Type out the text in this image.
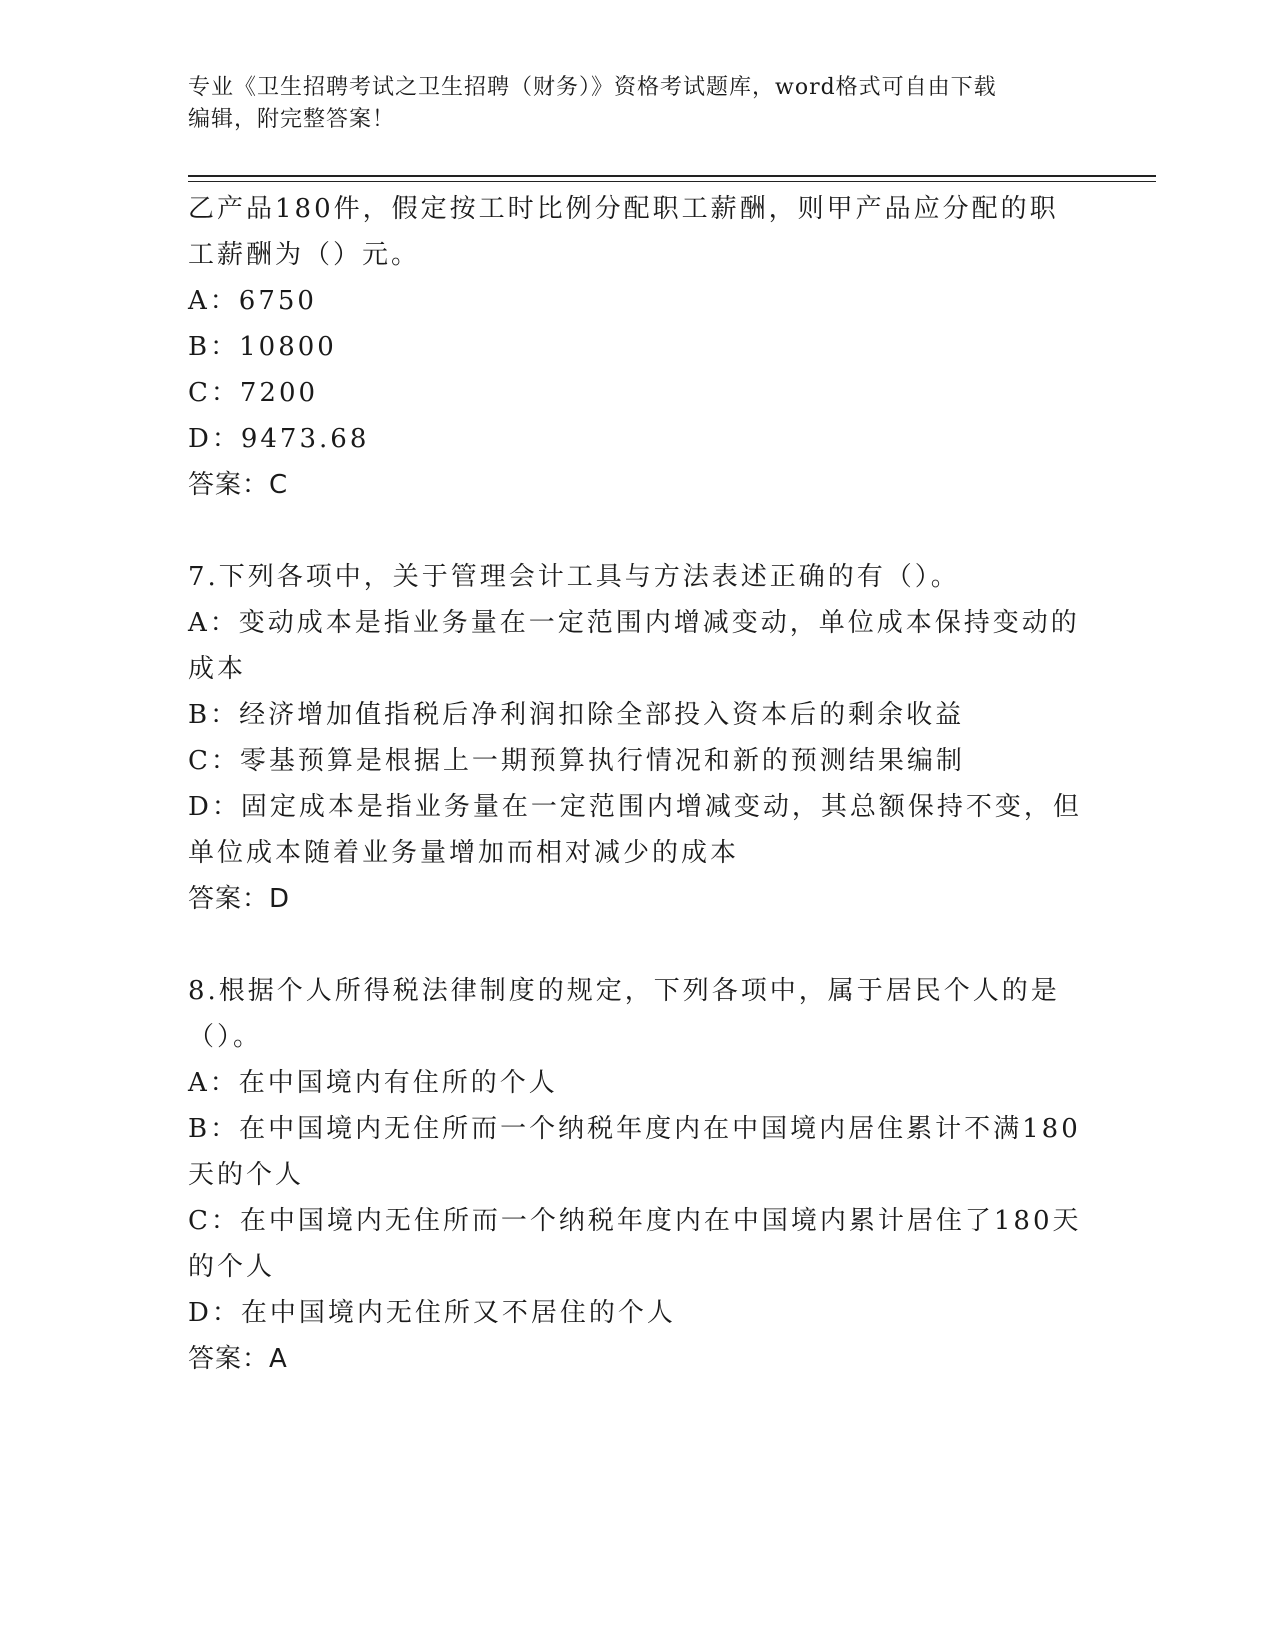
专业《卫生招聘考试之卫生招聘（财务）》资格考试题库，word格式可自由下载
编辑，附完整答案！
乙产品180件，假定按工时比例分配职工薪酬，则甲产品应分配的职
工薪酬为（）元。
A：6750
B：10800
C：7200
D：9473.68
答案：C
7.下列各项中，关于管理会计工具与方法表述正确的有（）。
A：变动成本是指业务量在一定范围内增减变动，单位成本保持变动的
成本
B：经济增加值指税后净利润扣除全部投入资本后的剩余收益
C：零基预算是根据上一期预算执行情况和新的预测结果编制
D：固定成本是指业务量在一定范围内增减变动，其总额保持不变，但
单位成本随着业务量增加而相对减少的成本
答案：D
8.根据个人所得税法律制度的规定，下列各项中，属于居民个人的是
（）。
A：在中国境内有住所的个人
B：在中国境内无住所而一个纳税年度内在中国境内居住累计不满180
天的个人
C：在中国境内无住所而一个纳税年度内在中国境内累计居住了180天
的个人
D：在中国境内无住所又不居住的个人
答案：A
